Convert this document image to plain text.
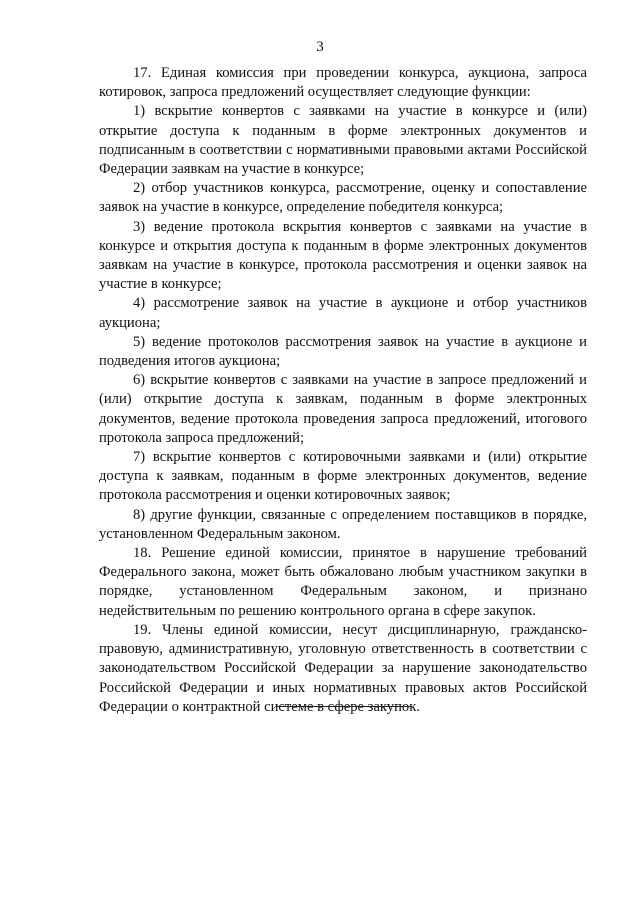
3

17. Единая комиссия при проведении конкурса, аукциона, запроса котировок, запроса предложений осуществляет следующие функции:

1) вскрытие конвертов с заявками на участие в конкурсе и (или) открытие доступа к поданным в форме электронных документов и подписанным в соответствии с нормативными правовыми актами Российской Федерации заявкам на участие в конкурсе;

2) отбор участников конкурса, рассмотрение, оценку и сопоставление заявок на участие в конкурсе, определение победителя конкурса;

3) ведение протокола вскрытия конвертов с заявками на участие в конкурсе и открытия доступа к поданным в форме электронных документов заявкам на участие в конкурсе, протокола рассмотрения и оценки заявок на участие в конкурсе;

4) рассмотрение заявок на участие в аукционе и отбор участников аукциона;

5) ведение протоколов рассмотрения заявок на участие в аукционе и подведения итогов аукциона;

6) вскрытие конвертов с заявками на участие в запросе предложений и (или) открытие доступа к заявкам, поданным в форме электронных документов, ведение протокола проведения запроса предложений, итогового протокола запроса предложений;

7) вскрытие конвертов с котировочными заявками и (или) открытие доступа к заявкам, поданным в форме электронных документов, ведение протокола рассмотрения и оценки котировочных заявок;

8) другие функции, связанные с определением поставщиков в порядке, установленном Федеральным законом.

18. Решение единой комиссии, принятое в нарушение требований Федерального закона, может быть обжаловано любым участником закупки в порядке, установленном Федеральным законом, и признано недействительным по решению контрольного органа в сфере закупок.

19. Члены единой комиссии, несут дисциплинарную, гражданско-правовую, административную, уголовную ответственность в соответствии с законодательством Российской Федерации за нарушение законодательство Российской Федерации и иных нормативных правовых актов Российской Федерации о контрактной системе в сфере закупок.
